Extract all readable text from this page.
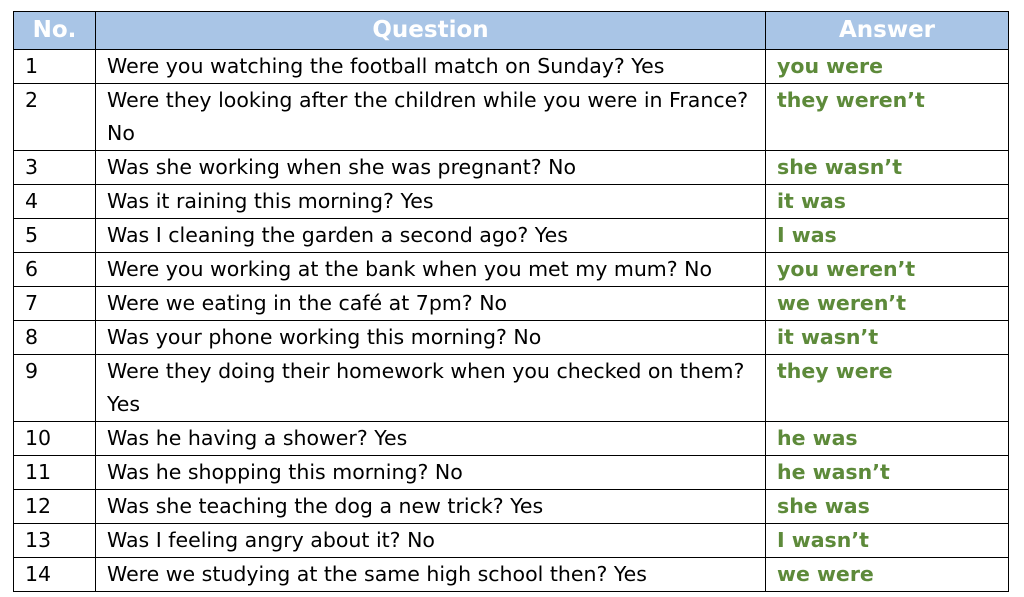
No.	Question	Answer
1	Were you watching the football match on Sunday? Yes	you were
2	Were they looking after the children while you were in France? No	they weren’t
3	Was she working when she was pregnant? No	she wasn’t
4	Was it raining this morning? Yes	it was
5	Was I cleaning the garden a second ago? Yes	I was
6	Were you working at the bank when you met my mum? No	you weren’t
7	Were we eating in the café at 7pm? No	we weren’t
8	Was your phone working this morning? No	it wasn’t
9	Were they doing their homework when you checked on them? Yes	they were
10	Was he having a shower? Yes	he was
11	Was he shopping this morning? No	he wasn’t
12	Was she teaching the dog a new trick? Yes	she was
13	Was I feeling angry about it? No	I wasn’t
14	Were we studying at the same high school then? Yes	we were
